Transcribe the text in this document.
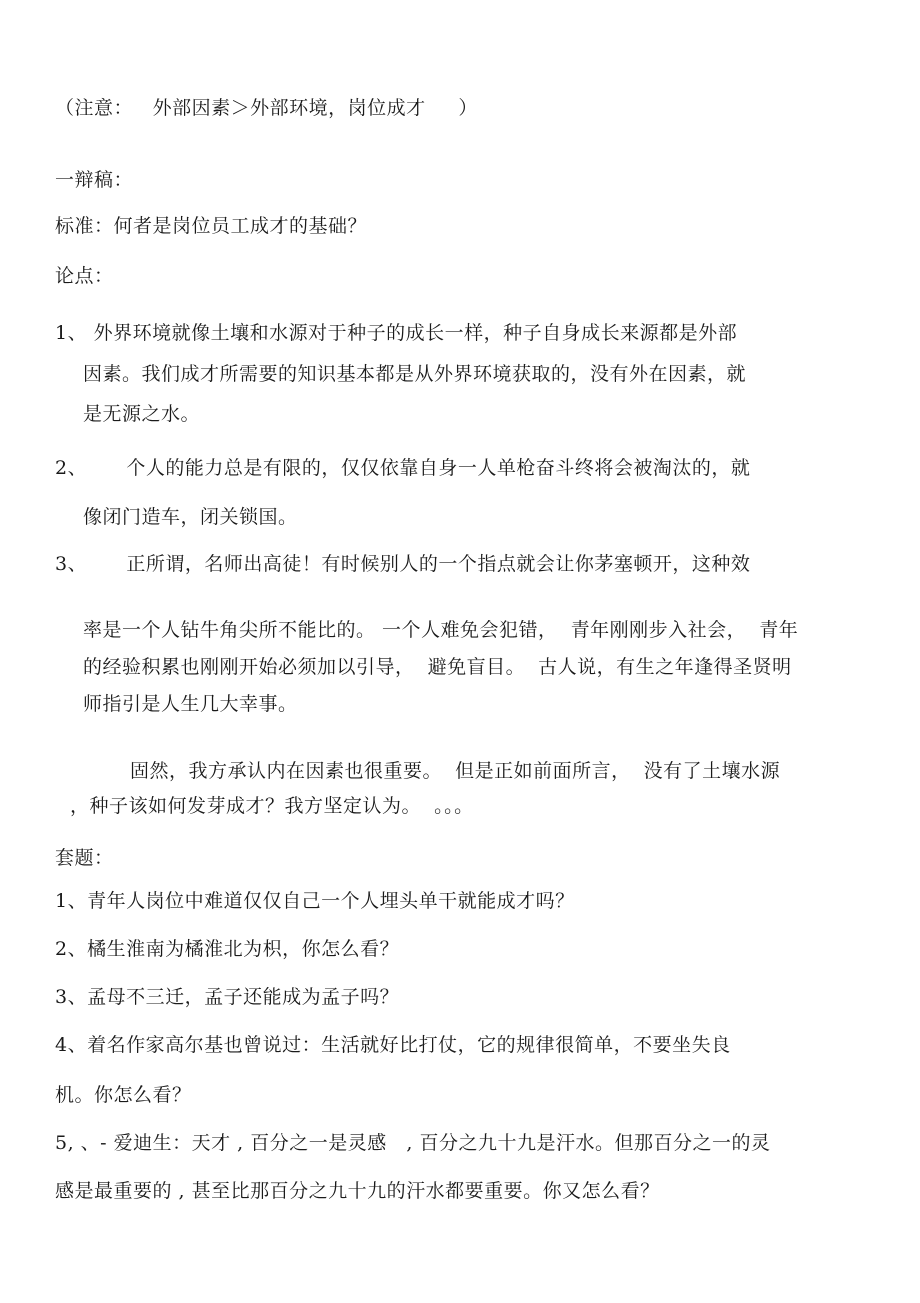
（注意：   外部因素＞外部环境，岗位成才     ）
一辩稿：
标准：何者是岗位员工成才的基础？
论点：
1、 外界环境就像土壤和水源对于种子的成长一样，种子自身成长来源都是外部
因素。我们成才所需要的知识基本都是从外界环境获取的，没有外在因素，就
是无源之水。
2、      个人的能力总是有限的，仅仅依靠自身一人单枪奋斗终将会被淘汰的，就
像闭门造车，闭关锁国。
3、      正所谓，名师出高徒！有时候别人的一个指点就会让你茅塞顿开，这种效
率是一个人钻牛角尖所不能比的。 一个人难免会犯错，  青年刚刚步入社会，  青年
的经验积累也刚刚开始必须加以引导，  避免盲目。  古人说，有生之年逢得圣贤明
师指引是人生几大幸事。
固然，我方承认内在因素也很重要。  但是正如前面所言，  没有了土壤水源
，种子该如何发芽成才？我方坚定认为。  。。。
套题：
1、青年人岗位中难道仅仅自己一个人埋头单干就能成才吗？
2、橘生淮南为橘淮北为枳，你怎么看？
3、孟母不三迁，孟子还能成为孟子吗？
4、着名作家高尔基也曾说过：生活就好比打仗，它的规律很简单，不要坐失良
机。你怎么看？
5, 、- 爱迪生：天才 , 百分之一是灵感   , 百分之九十九是汗水。但那百分之一的灵
感是最重要的 , 甚至比那百分之九十九的汗水都要重要。你又怎么看？
